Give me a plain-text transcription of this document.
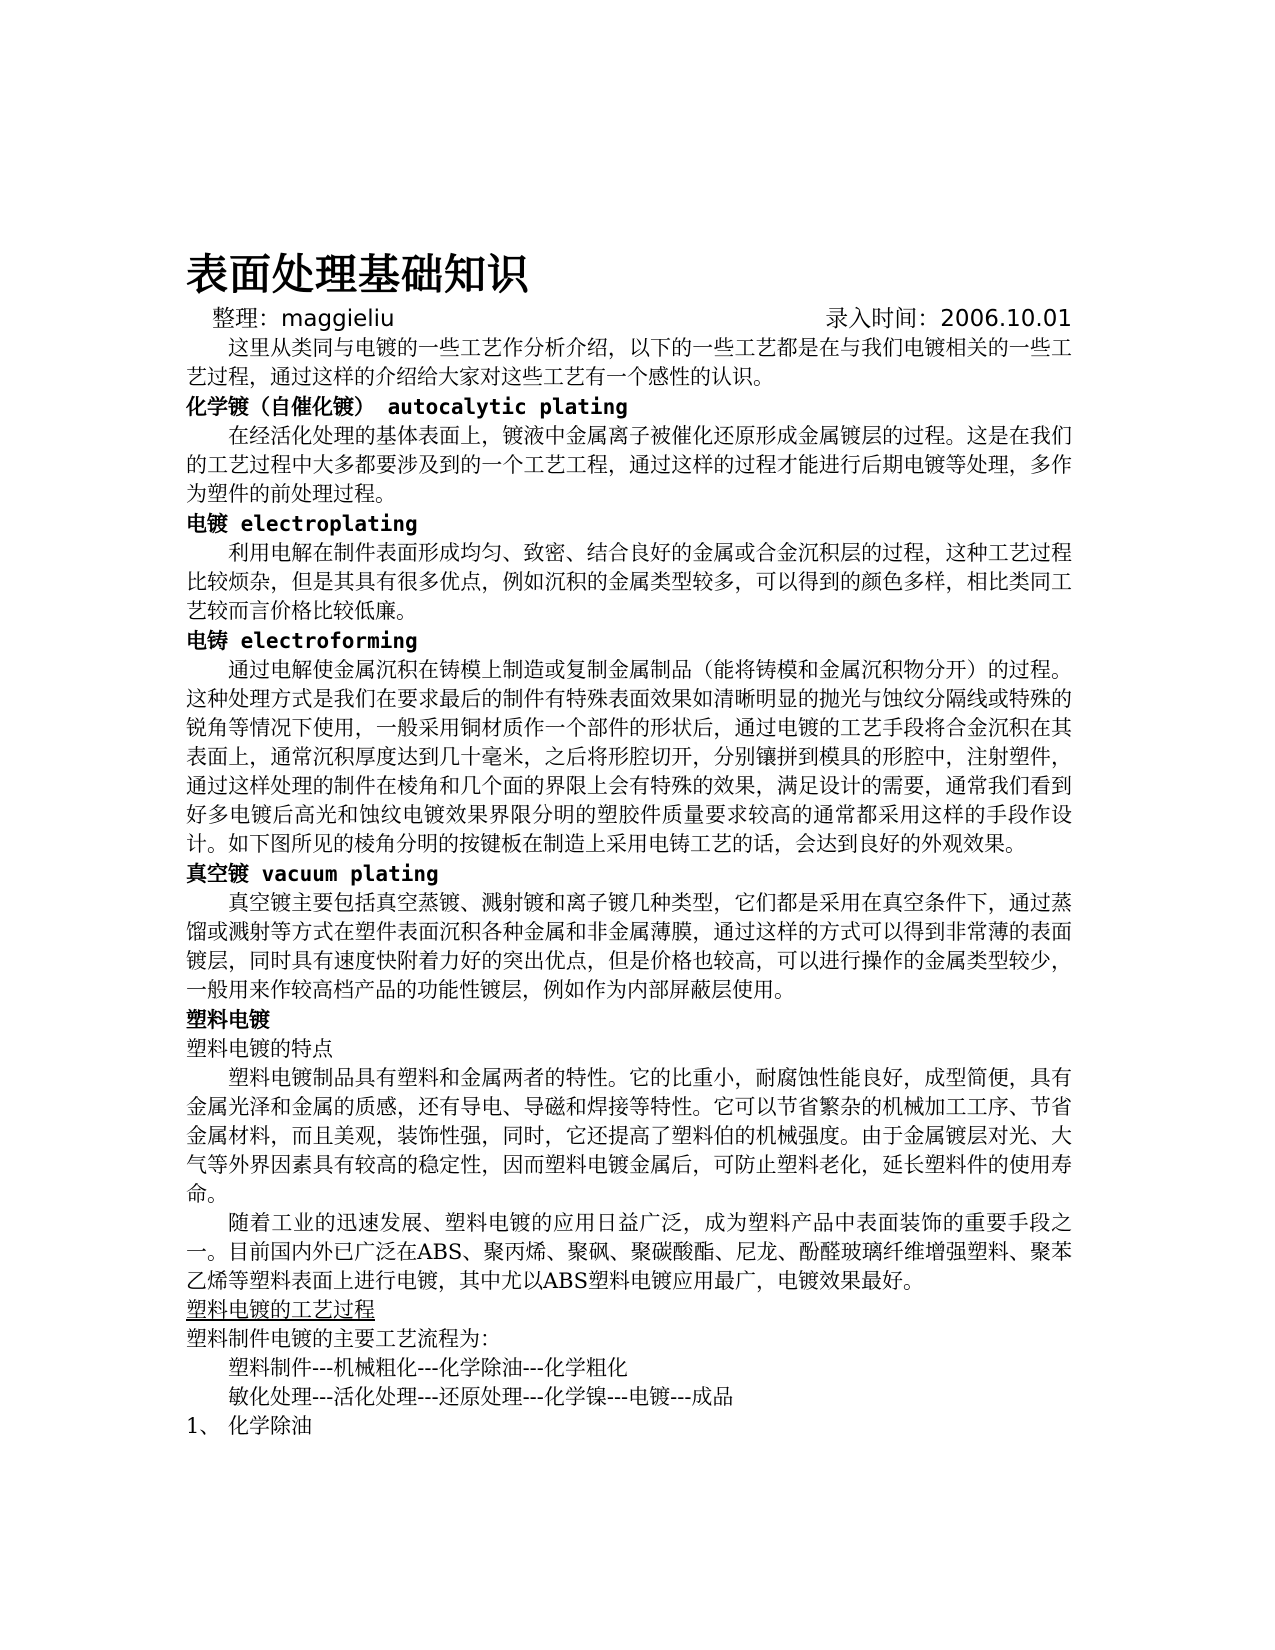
表面处理基础知识
整理：maggieliu	录入时间：2006.10.01

这里从类同与电镀的一些工艺作分析介绍，以下的一些工艺都是在与我们电镀相关的一些工艺过程，通过这样的介绍给大家对这些工艺有一个感性的认识。

化学镀（自催化镀） autocalytic plating

在经活化处理的基体表面上，镀液中金属离子被催化还原形成金属镀层的过程。这是在我们的工艺过程中大多都要涉及到的一个工艺工程，通过这样的过程才能进行后期电镀等处理，多作为塑件的前处理过程。

电镀 electroplating

利用电解在制件表面形成均匀、致密、结合良好的金属或合金沉积层的过程，这种工艺过程比较烦杂，但是其具有很多优点，例如沉积的金属类型较多，可以得到的颜色多样，相比类同工艺较而言价格比较低廉。

电铸 electroforming

通过电解使金属沉积在铸模上制造或复制金属制品（能将铸模和金属沉积物分开）的过程。这种处理方式是我们在要求最后的制件有特殊表面效果如清晰明显的抛光与蚀纹分隔线或特殊的锐角等情况下使用，一般采用铜材质作一个部件的形状后，通过电镀的工艺手段将合金沉积在其表面上，通常沉积厚度达到几十毫米，之后将形腔切开，分别镶拼到模具的形腔中，注射塑件，通过这样处理的制件在棱角和几个面的界限上会有特殊的效果，满足设计的需要，通常我们看到好多电镀后高光和蚀纹电镀效果界限分明的塑胶件质量要求较高的通常都采用这样的手段作设计。如下图所见的棱角分明的按键板在制造上采用电铸工艺的话，会达到良好的外观效果。

真空镀 vacuum plating

真空镀主要包括真空蒸镀、溅射镀和离子镀几种类型，它们都是采用在真空条件下，通过蒸馏或溅射等方式在塑件表面沉积各种金属和非金属薄膜，通过这样的方式可以得到非常薄的表面镀层，同时具有速度快附着力好的突出优点，但是价格也较高，可以进行操作的金属类型较少，一般用来作较高档产品的功能性镀层，例如作为内部屏蔽层使用。

塑料电镀

塑料电镀的特点

塑料电镀制品具有塑料和金属两者的特性。它的比重小，耐腐蚀性能良好，成型简便，具有金属光泽和金属的质感，还有导电、导磁和焊接等特性。它可以节省繁杂的机械加工工序、节省金属材料，而且美观，装饰性强，同时，它还提高了塑料伯的机械强度。由于金属镀层对光、大气等外界因素具有较高的稳定性，因而塑料电镀金属后，可防止塑料老化，延长塑料件的使用寿命。

随着工业的迅速发展、塑料电镀的应用日益广泛，成为塑料产品中表面装饰的重要手段之一。目前国内外已广泛在ABS、聚丙烯、聚砜、聚碳酸酯、尼龙、酚醛玻璃纤维增强塑料、聚苯乙烯等塑料表面上进行电镀，其中尤以ABS塑料电镀应用最广，电镀效果最好。

塑料电镀的工艺过程

塑料制件电镀的主要工艺流程为：

塑料制件---机械粗化---化学除油---化学粗化

敏化处理---活化处理---还原处理---化学镍---电镀---成品

1、 化学除油
